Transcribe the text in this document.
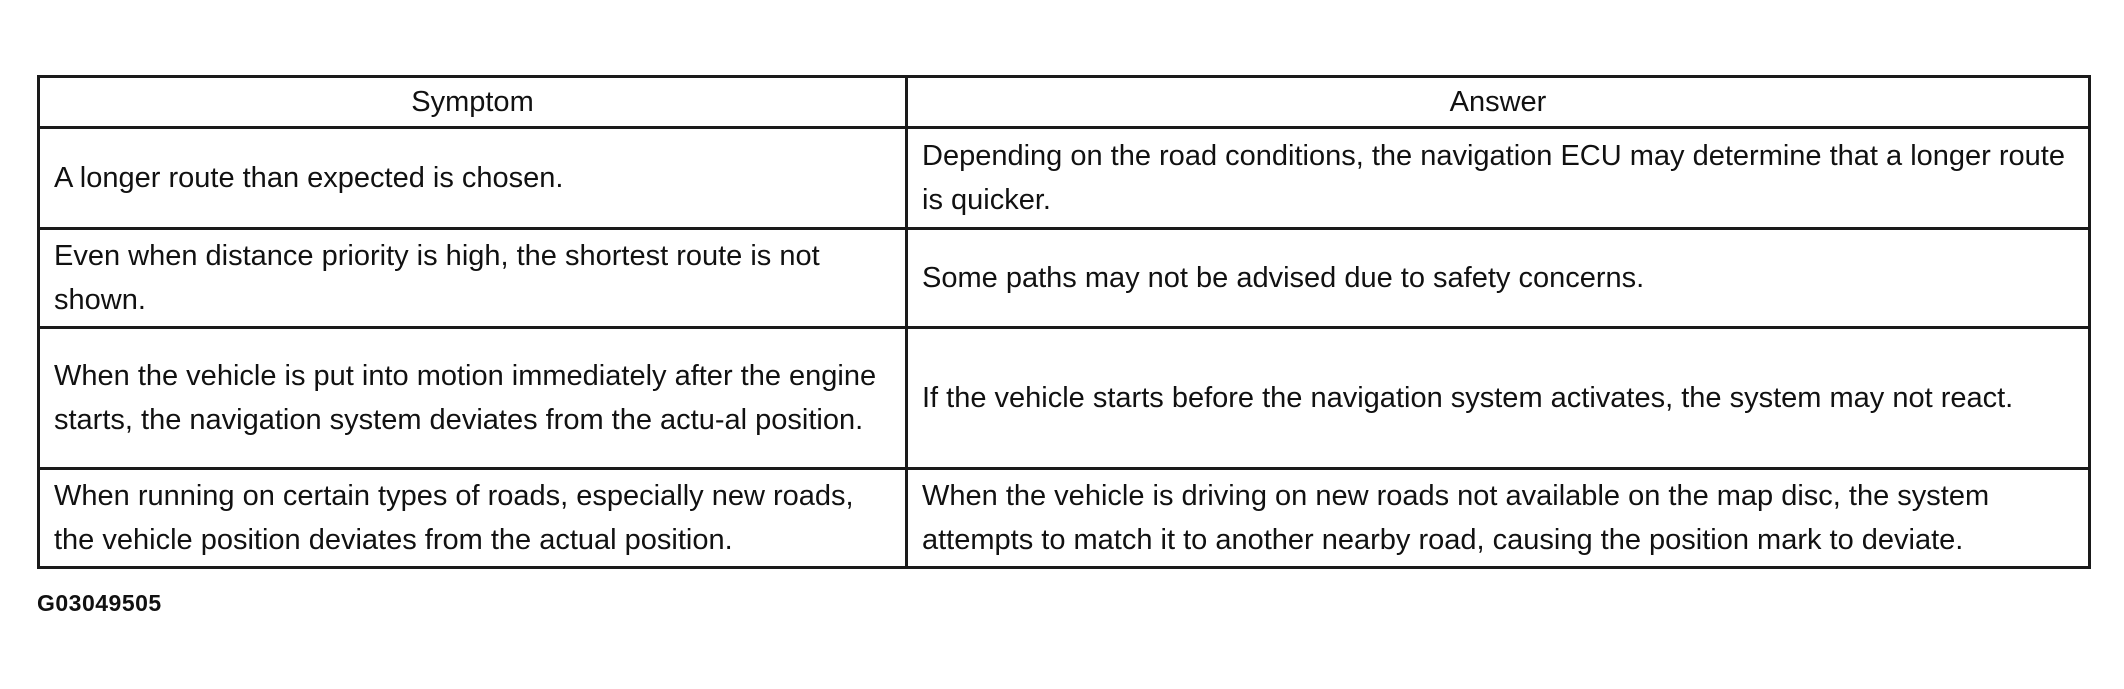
Symptom	Answer
A longer route than expected is chosen.	Depending on the road conditions, the navigation ECU may determine that a longer route is quicker.
Even when distance priority is high, the shortest route is not shown.	Some paths may not be advised due to safety concerns.
When the vehicle is put into motion immediately after the engine starts, the navigation system deviates from the actu-al position.	If the vehicle starts before the navigation system activates, the system may not react.
When running on certain types of roads, especially new roads, the vehicle position deviates from the actual position.	When the vehicle is driving on new roads not available on the map disc, the system attempts to match it to another nearby road, causing the position mark to deviate.
G03049505
